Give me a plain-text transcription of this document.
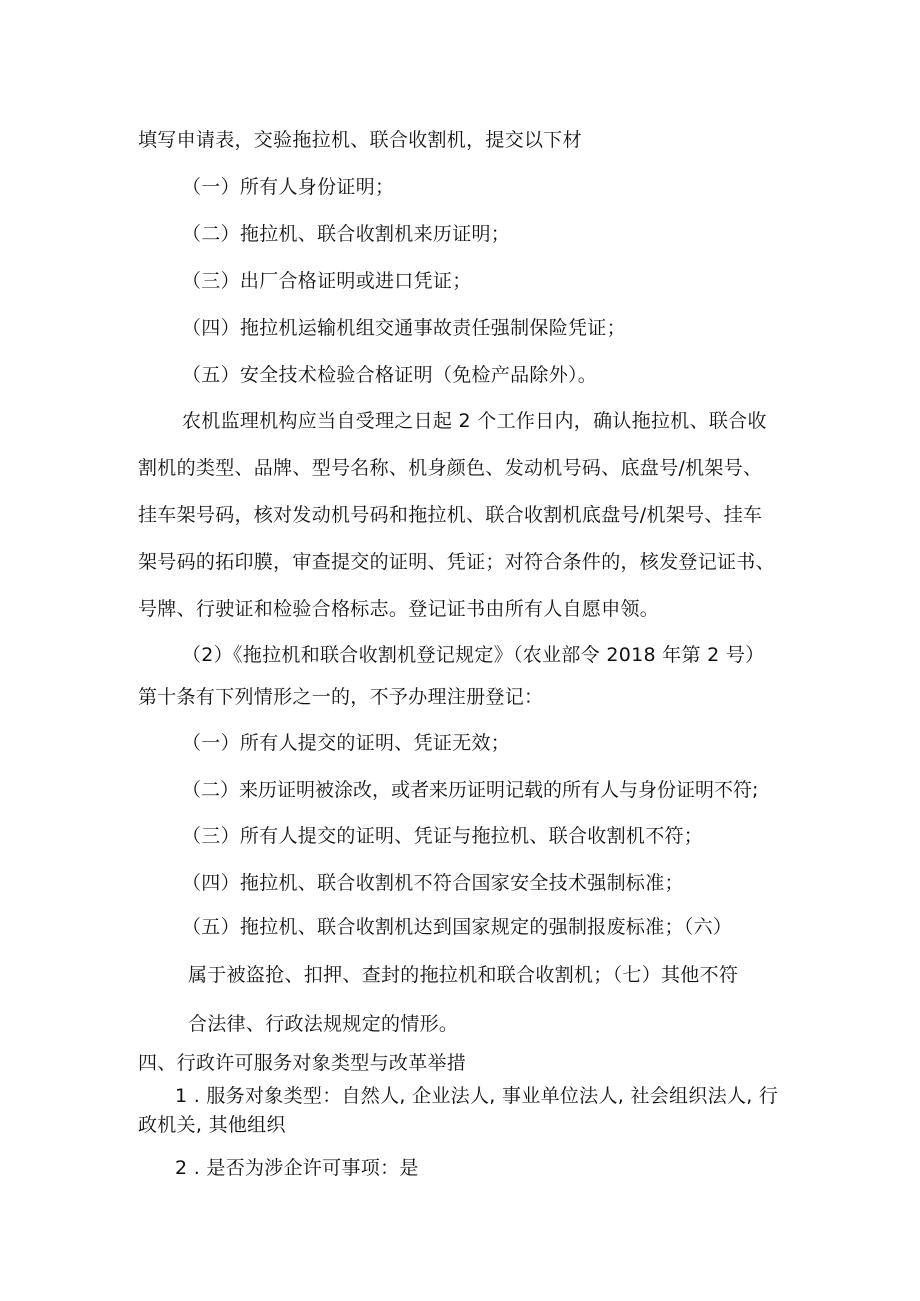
填写申请表，交验拖拉机、联合收割机，提交以下材
（一）所有人身份证明；
（二）拖拉机、联合收割机来历证明；
（三）出厂合格证明或进口凭证；
（四）拖拉机运输机组交通事故责任强制保险凭证；
（五）安全技术检验合格证明（免检产品除外）。
农机监理机构应当自受理之日起 2 个工作日内，确认拖拉机、联合收
割机的类型、品牌、型号名称、机身颜色、发动机号码、底盘号/机架号、
挂车架号码，核对发动机号码和拖拉机、联合收割机底盘号/机架号、挂车
架号码的拓印膜，审查提交的证明、凭证；对符合条件的，核发登记证书、
号牌、行驶证和检验合格标志。登记证书由所有人自愿申领。
（2）《拖拉机和联合收割机登记规定》（农业部令 2018 年第 2 号）
第十条有下列情形之一的，不予办理注册登记：
（一）所有人提交的证明、凭证无效；
（二）来历证明被涂改，或者来历证明记载的所有人与身份证明不符;
（三）所有人提交的证明、凭证与拖拉机、联合收割机不符；
（四）拖拉机、联合收割机不符合国家安全技术强制标准；
（五）拖拉机、联合收割机达到国家规定的强制报废标准；（六）
属于被盗抢、扣押、查封的拖拉机和联合收割机；（七）其他不符
合法律、行政法规规定的情形。
四、行政许可服务对象类型与改革举措
1 . 服务对象类型：自然人, 企业法人, 事业单位法人, 社会组织法人, 行
政机关, 其他组织
2 . 是否为涉企许可事项：是
